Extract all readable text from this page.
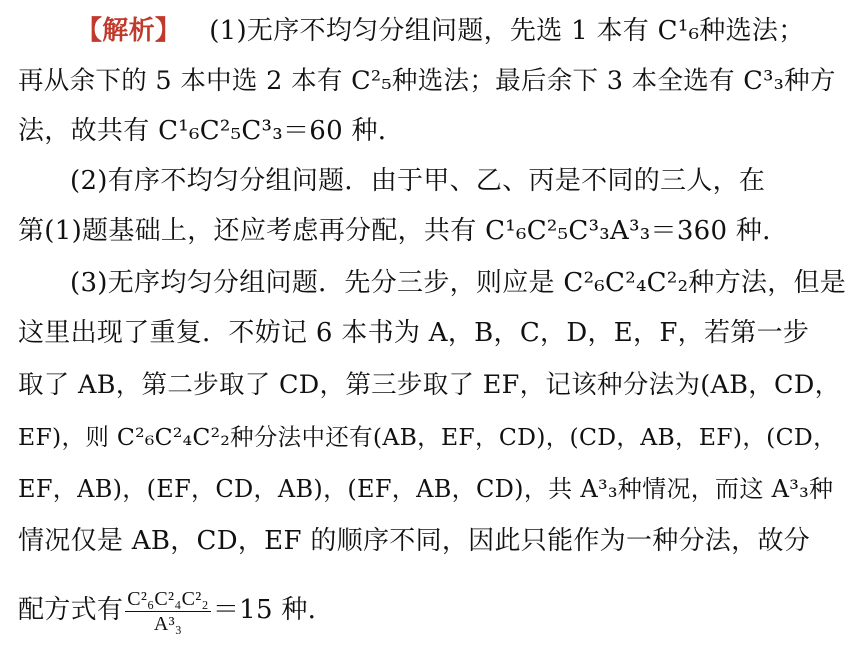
【解析】 (1)无序不均匀分组问题，先选 1 本有 C¹₆种选法；
再从余下的 5 本中选 2 本有 C²₅种选法；最后余下 3 本全选有 C³₃种方
法，故共有 C¹₆C²₅C³₃＝60 种．
(2)有序不均匀分组问题．由于甲、乙、丙是不同的三人，在
第(1)题基础上，还应考虑再分配，共有 C¹₆C²₅C³₃A³₃＝360 种．
(3)无序均匀分组问题．先分三步，则应是 C²₆C²₄C²₂种方法，但是
这里出现了重复．不妨记 6 本书为 A，B，C，D，E，F，若第一步
取了 AB，第二步取了 CD，第三步取了 EF，记该种分法为(AB，CD，
EF)，则 C²₆C²₄C²₂种分法中还有(AB，EF，CD)，(CD，AB，EF)，(CD，
EF，AB)，(EF，CD，AB)，(EF，AB，CD)，共 A³₃种情况，而这 A³₃种
情况仅是 AB，CD，EF 的顺序不同，因此只能作为一种分法，故分
配方式有 $\frac{\text{C²₆C²₄C²₂}}{\text{A³₃}} =15$ 种．
